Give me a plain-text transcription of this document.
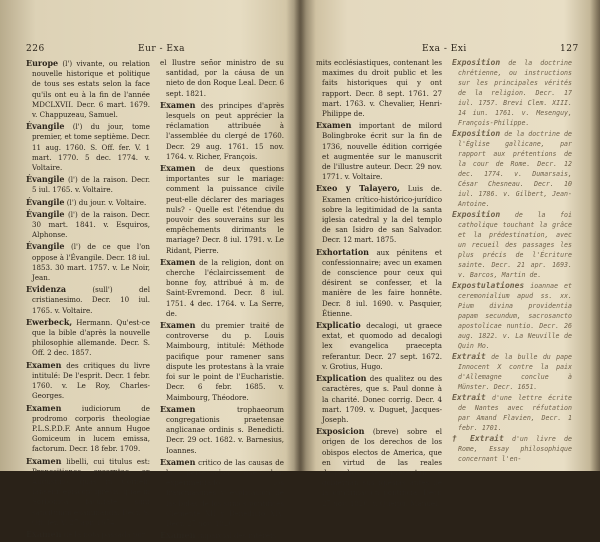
226	Eur - Exa
Europe (l') vivante, ou relation nouvelle historique et politique de tous ses estats selon la face qu'ils ont eu à la fin de l'année MDCLXVII. Decr. 6 mart. 1679. v. Chappuzeau, Samuel.
Évangile (l') du jour, tome premier, et tome septième. Decr. 11 aug. 1760. S. Off. fer. V. 1 mart. 1770. 5 dec. 1774. v. Voltaire.
Évangile (l') de la raison. Decr. 5 iul. 1765. v. Voltaire.
Évangile (l') du jour. v. Voltaire.
Évangile (l') de la raison. Decr. 30 mart. 1841. v. Esquiros, Alphonse.
Évangile (l') de ce que l'on oppose à l'Évangile. Decr. 18 iul. 1853. 30 mart. 1757. v. Le Noir, Jean.
Evidenza	(sull') del cristianesimo. Decr. 10 iul. 1765. v. Voltaire.
Ewerbeck, Hermann. Qu'est-ce que la bible d'après la nouvelle philosophie allemande. Decr. S. Off. 2 dec. 1857.
Examen des critiques du livre intitulé: De l'esprit. Decr. 1 febr. 1760. v. Le Roy, Charles-Georges.
Examen	iudiciorum de prodromo corporis theologiae P.L.S.P.D.F. Ante annum Hugoe Gomiceum in lucem emissa, factorum. Decr. 18 febr. 1709.
Examen libelli, cui titulus est: Propositiones excerptae ex Augustino: quas in Cornelii Iansenii episcopi ipresis, quae in Sorbonica facultate sunt sancitumm examinanda. Decr. S. Off. fer. V. 27 apr. 1654.
Examen de la nota passada por
el Ilustre señor ministro de su santidad, por la cáusa de un nieto de don Roque Leal. Decr. 6 sept. 1821.
Examen des principes d'après lesquels on peut apprécier la réclamation attribuée à l'assemblée du clergé de 1760. Decr. 29 aug. 1761. 15 nov. 1764. v. Richer, François.
Examen de deux questions importantes sur le mariage: comment la puissance civile peut-elle déclarer des mariages nuls? - Quelle est l'étendue du pouvoir des souverains sur les empêchements dirimants le mariage? Decr. 8 iul. 1791. v. Le Ridant, Pierre.
Examen de la religion, dont on cherche l'éclaircissement de bonne foy, attribué à m. de Saint-Evremond. Decr. 8 iul. 1751. 4 dec. 1764. v. La Serre, de.
Examen du premier traité de controverse du p. Louis Maimbourg, intitulé: Méthode pacifique pour ramener sans dispute les protestans à la vraie foi sur le point de l'Eucharistie. Decr. 6 febr. 1685. v. Maimbourg, Théodore.
Examen	trophaeorum congregationis praetensae anglicanae ordinis s. Benedicti. Decr. 29 oct. 1682. v. Barnesius, Ioannes.
Examen critico de las causas de la persecucion que han experimentado los francmasones y explicacion de las bulas de los sumos pontifices Clemente XII y Benedicto XIV. Decr. 27 nov. 1820.
Examen imparcial des intérêts
Exa - Exi	127
mits ecclésiastiques, contenant les maximes du droit public et les faits historiques qui y ont rapport. Decr. 8 sept. 1761. 27 mart. 1763. v. Chevalier, Henri-Philippe de.
Examen important de milord Bolingbroke écrit sur la fin de 1736, nouvelle édition corrigée et augmentée sur le manuscrit de l'illustre auteur. Decr. 29 nov. 1771. v. Voltaire.
Exeo y Talayero, Luis de. Examen crítico-histórico-jurídico sobre la legitimidad de la santa iglesia catedral y la del templo de san Isidro de san Salvador. Decr. 12 mart. 1875.
Exhortation aux pénitens et confessionnaire; avec un examen de conscience pour ceux qui désirent se confesser, et la manière de les faire honnête. Decr. 8 iul. 1690. v. Pasquier, Étienne.
Explicatio decalogi, ut graece extat, et quomodo ad decalogi lex evangelica praecepta referantur. Decr. 27 sept. 1672. v. Grotius, Hugo.
Explication des qualitez ou des caractères, que s. Paul donne à la charité. Donec corrig. Decr. 4 mart. 1709. v. Duguet, Jacques-Joseph.
Exposicion (breve) sobre el origen de los derechos de los obispos electos de America, que en virtud de las reales despachos se presentan y gobiernan sus iglesias antes de la confirmación pontificia. Decr. 27 nov. 1820. v. Queipo, Manuel.
Exposition de la doctrine chrétienne, ou instructions sur les principales vérités de la religion. Decr. 17 iul. 1757. Brevi Clem. XIII. 14 iun. 1761. v. Mesenguy, François-Philippe.
Exposition de la doctrine de l'Église gallicane, par rapport aux prétentions de la cour de Rome. Decr. 12 dec. 1774. v. Dumarsais, César Chesneau. Decr. 10 iul. 1786. v. Gilbert, Jean-Antoine.
Exposition de la foi catholique touchant la grâce et la prédestination, avec un recueil des passages les plus précis de l'Écriture sainte. Decr. 21 apr. 1693. v. Barcos, Martin de.
Expostulationes ioannae et ceremonialium apud ss. xx. Pium divina providentia papam secundum, sacrosancto apostolicae nuntio. Decr. 26 aug. 1822. v. La Neuville de Quin Mo.
Extrait de la bulle du pape Innocent X contre la paix d'Allemagne conclue à Münster. Decr. 1651.
Extrait d'une lettre écrite de Nantes avec réfutation par Amand Flavien, Decr. 1 febr. 1701.
† Extrait d'un livre de Rome, Essay philosophique concernant l'en-
